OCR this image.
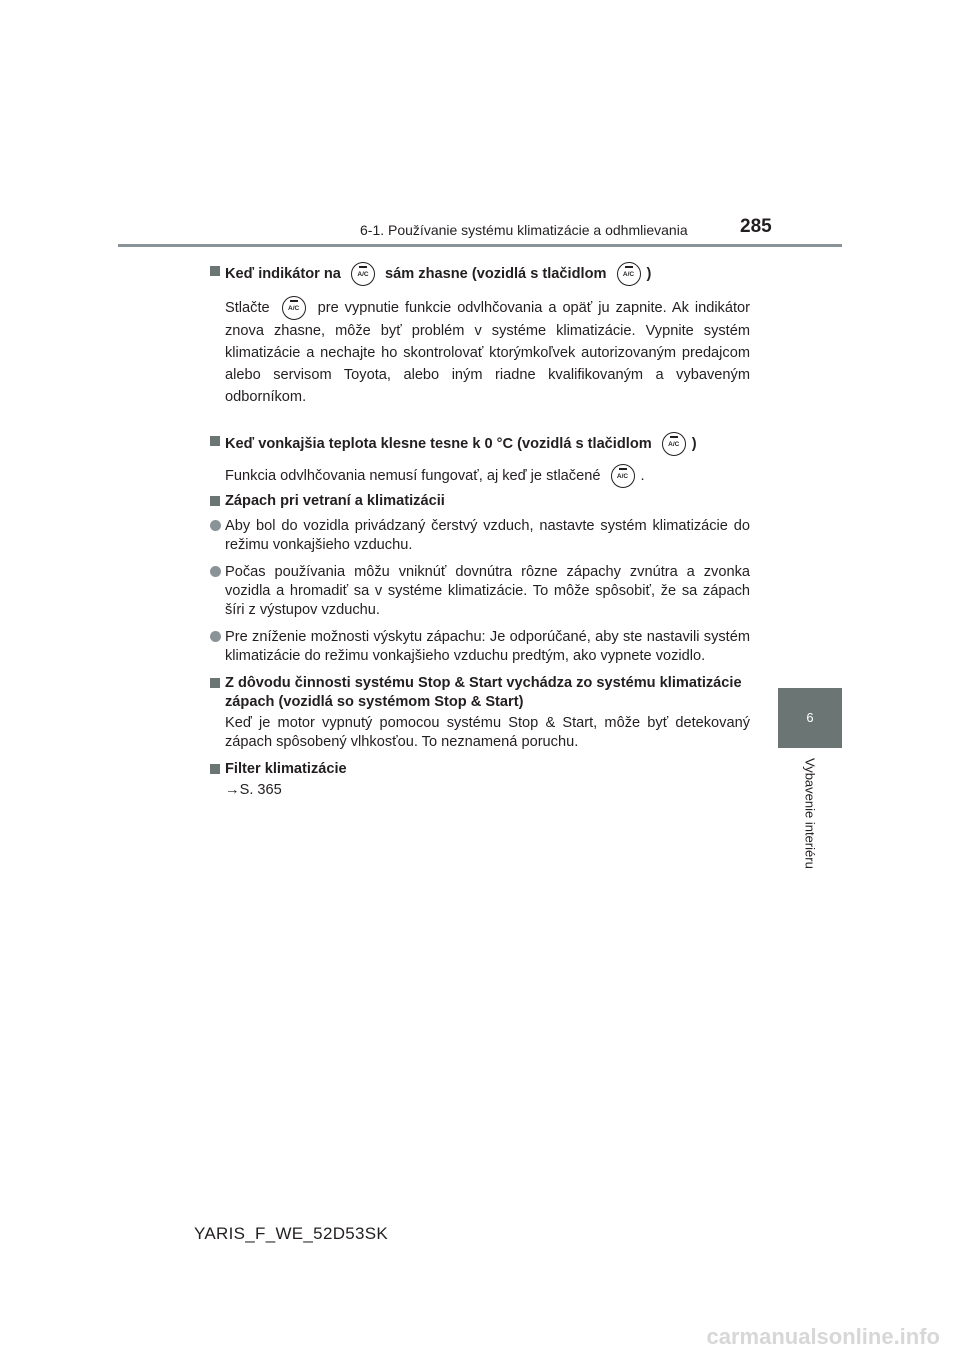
6-1. Používanie systému klimatizácie a odhmlievania	285
6
Vybavenie interiéru
Keď indikátor na	A/C	sám zhasne (vozidlá s tlačidlom	A/C )
Stlačte	A/C	pre vypnutie funkcie odvlhčovania a opäť ju zapnite. Ak indikátor znova zhasne, môže byť problém v systéme klimatizácie. Vypnite systém klimatizácie a nechajte ho skontrolovať ktorýmkoľvek autorizovaným predajcom alebo servisom Toyota, alebo iným riadne kvalifikovaným a vybaveným odborníkom.
Keď vonkajšia teplota klesne tesne k 0 °C (vozidlá s tlačidlom	A/C )
Funkcia odvlhčovania nemusí fungovať, aj keď je stlačené	A/C .
Zápach pri vetraní a klimatizácii
Aby bol do vozidla privádzaný čerstvý vzduch, nastavte systém klimatizácie do režimu vonkajšieho vzduchu.
Počas používania môžu vniknúť dovnútra rôzne zápachy zvnútra a zvonka vozidla a hromadiť sa v systéme klimatizácie. To môže spôsobiť, že sa zápach šíri z výstupov vzduchu.
Pre zníženie možnosti výskytu zápachu: Je odporúčané, aby ste nastavili systém klimatizácie do režimu vonkajšieho vzduchu predtým, ako vypnete vozidlo.
Z dôvodu činnosti systému Stop & Start vychádza zo systému klimatizácie zápach (vozidlá so systémom Stop & Start)
Keď je motor vypnutý pomocou systému Stop & Start, môže byť detekovaný zápach spôsobený vlhkosťou. To neznamená poruchu.
Filter klimatizácie
→S. 365
YARIS_F_WE_52D53SK
carmanualsonline.info
